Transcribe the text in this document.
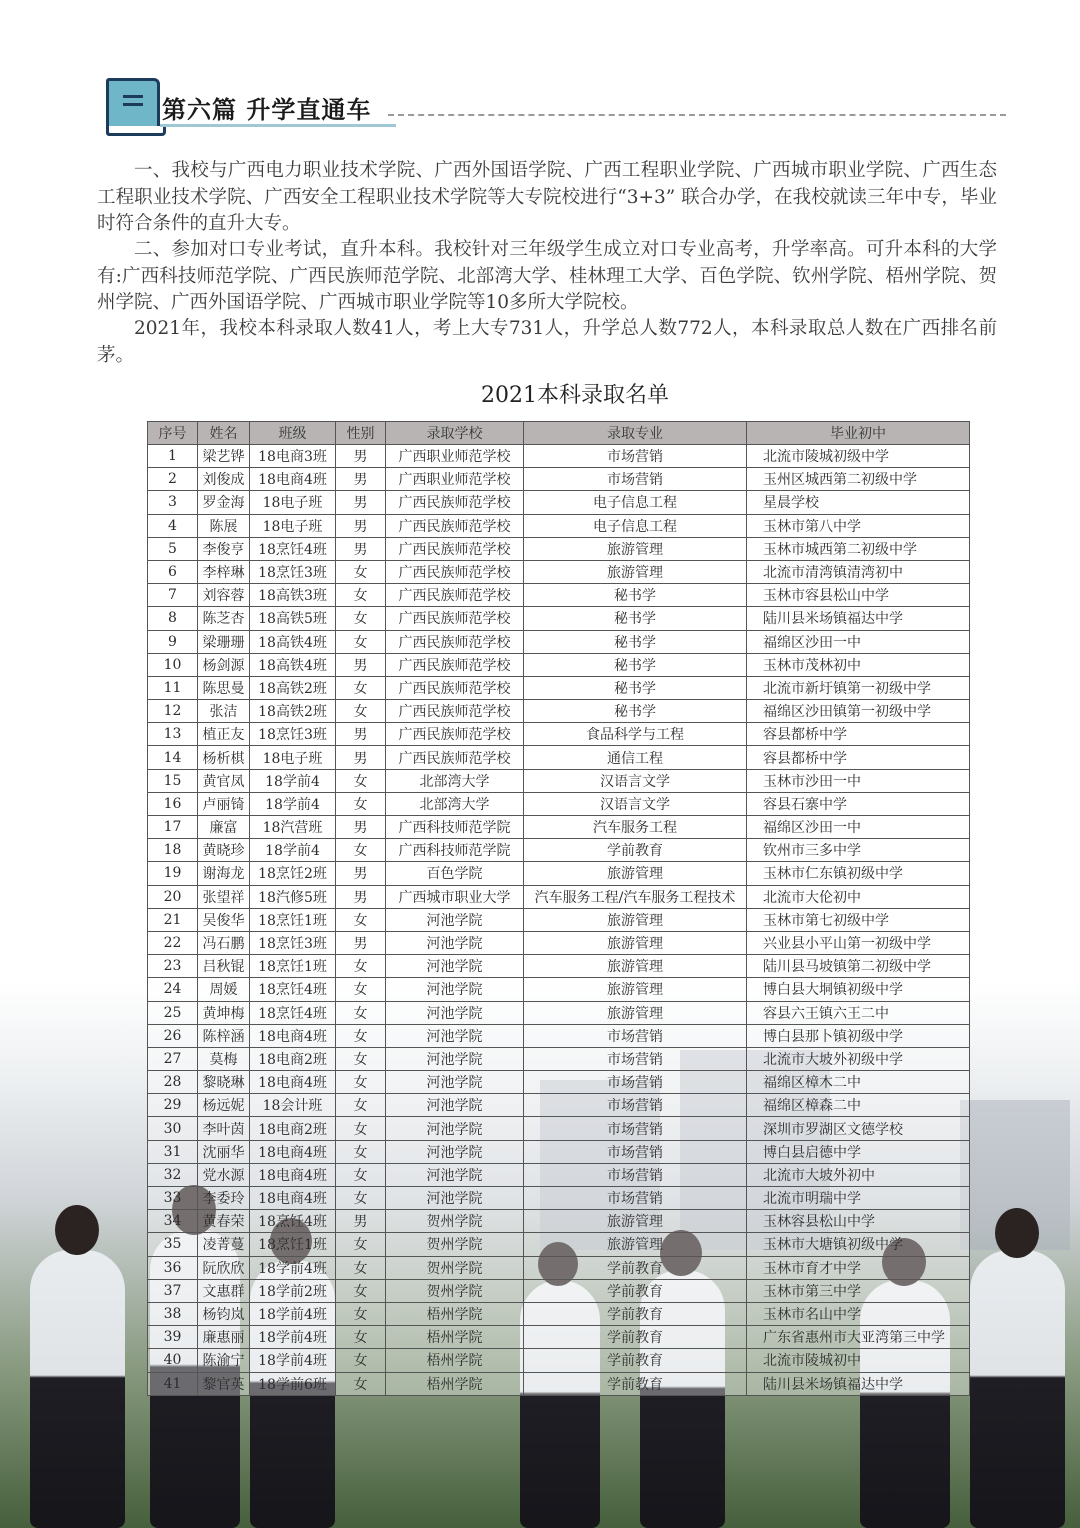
第六篇 升学直通车
一、我校与广西电力职业技术学院、广西外国语学院、广西工程职业学院、广西城市职业学院、广西生态工程职业技术学院、广西安全工程职业技术学院等大专院校进行“3+3” 联合办学，在我校就读三年中专，毕业时符合条件的直升大专。
二、参加对口专业考试，直升本科。我校针对三年级学生成立对口专业高考，升学率高。可升本科的大学有:广西科技师范学院、广西民族师范学院、北部湾大学、桂林理工大学、百色学院、钦州学院、梧州学院、贺州学院、广西外国语学院、广西城市职业学院等10多所大学院校。
2021年，我校本科录取人数41人，考上大专731人，升学总人数772人，本科录取总人数在广西排名前茅。
2021本科录取名单
序号	姓名	班级	性别	录取学校	录取专业	毕业初中
1	梁艺铧	18电商3班	男	广西职业师范学校	市场营销	北流市陵城初级中学
2	刘俊成	18电商4班	男	广西职业师范学校	市场营销	玉州区城西第二初级中学
3	罗金海	18电子班	男	广西民族师范学校	电子信息工程	星晨学校
4	陈展	18电子班	男	广西民族师范学校	电子信息工程	玉林市第八中学
5	李俊亨	18烹饪4班	男	广西民族师范学校	旅游管理	玉林市城西第二初级中学
6	李梓琳	18烹饪3班	女	广西民族师范学校	旅游管理	北流市清湾镇清湾初中
7	刘容蓉	18高铁3班	女	广西民族师范学校	秘书学	玉林市容县松山中学
8	陈芝杏	18高铁5班	女	广西民族师范学校	秘书学	陆川县米场镇福达中学
9	梁珊珊	18高铁4班	女	广西民族师范学校	秘书学	福绵区沙田一中
10	杨剑源	18高铁4班	男	广西民族师范学校	秘书学	玉林市茂林初中
11	陈思曼	18高铁2班	女	广西民族师范学校	秘书学	北流市新圩镇第一初级中学
12	张洁	18高铁2班	女	广西民族师范学校	秘书学	福绵区沙田镇第一初级中学
13	植正友	18烹饪3班	男	广西民族师范学校	食品科学与工程	容县都桥中学
14	杨析棋	18电子班	男	广西民族师范学校	通信工程	容县都桥中学
15	黄官凤	18学前4	女	北部湾大学	汉语言文学	玉林市沙田一中
16	卢丽锜	18学前4	女	北部湾大学	汉语言文学	容县石寨中学
17	廉富	18汽营班	男	广西科技师范学院	汽车服务工程	福绵区沙田一中
18	黄晓珍	18学前4	女	广西科技师范学院	学前教育	钦州市三多中学
19	谢海龙	18烹饪2班	男	百色学院	旅游管理	玉林市仁东镇初级中学
20	张望祥	18汽修5班	男	广西城市职业大学	汽车服务工程/汽车服务工程技术	北流市大伦初中
21	吴俊华	18烹饪1班	女	河池学院	旅游管理	玉林市第七初级中学
22	冯石鹏	18烹饪3班	男	河池学院	旅游管理	兴业县小平山第一初级中学
23	吕秋锟	18烹饪1班	女	河池学院	旅游管理	陆川县马坡镇第二初级中学
24	周媛	18烹饪4班	女	河池学院	旅游管理	博白县大垌镇初级中学
25	黄坤梅	18烹饪4班	女	河池学院	旅游管理	容县六王镇六王二中
26	陈梓涵	18电商4班	女	河池学院	市场营销	博白县那卜镇初级中学
27	莫梅	18电商2班	女	河池学院	市场营销	北流市大坡外初级中学
28	黎晓琳	18电商4班	女	河池学院	市场营销	福绵区樟木二中
29	杨远妮	18会计班	女	河池学院	市场营销	福绵区樟森二中
30	李叶茵	18电商2班	女	河池学院	市场营销	深圳市罗湖区文德学校
31	沈丽华	18电商4班	女	河池学院	市场营销	博白县启德中学
32	党水源	18电商4班	女	河池学院	市场营销	北流市大坡外初中
33	李委玲	18电商4班	女	河池学院	市场营销	北流市明瑞中学
34	黄春荣	18烹饪4班	男	贺州学院	旅游管理	玉林容县松山中学
35	凌菁蔓	18烹饪1班	女	贺州学院	旅游管理	玉林市大塘镇初级中学
36	阮欣欣	18学前4班	女	贺州学院	学前教育	玉林市育才中学
37	文惠群	18学前2班	女	贺州学院	学前教育	玉林市第三中学
38	杨钧岚	18学前4班	女	梧州学院	学前教育	玉林市名山中学
39	廉惠丽	18学前4班	女	梧州学院	学前教育	广东省惠州市大亚湾第三中学
40	陈渝宁	18学前4班	女	梧州学院	学前教育	北流市陵城初中
41	黎官英	18学前6班	女	梧州学院	学前教育	陆川县米场镇福达中学
